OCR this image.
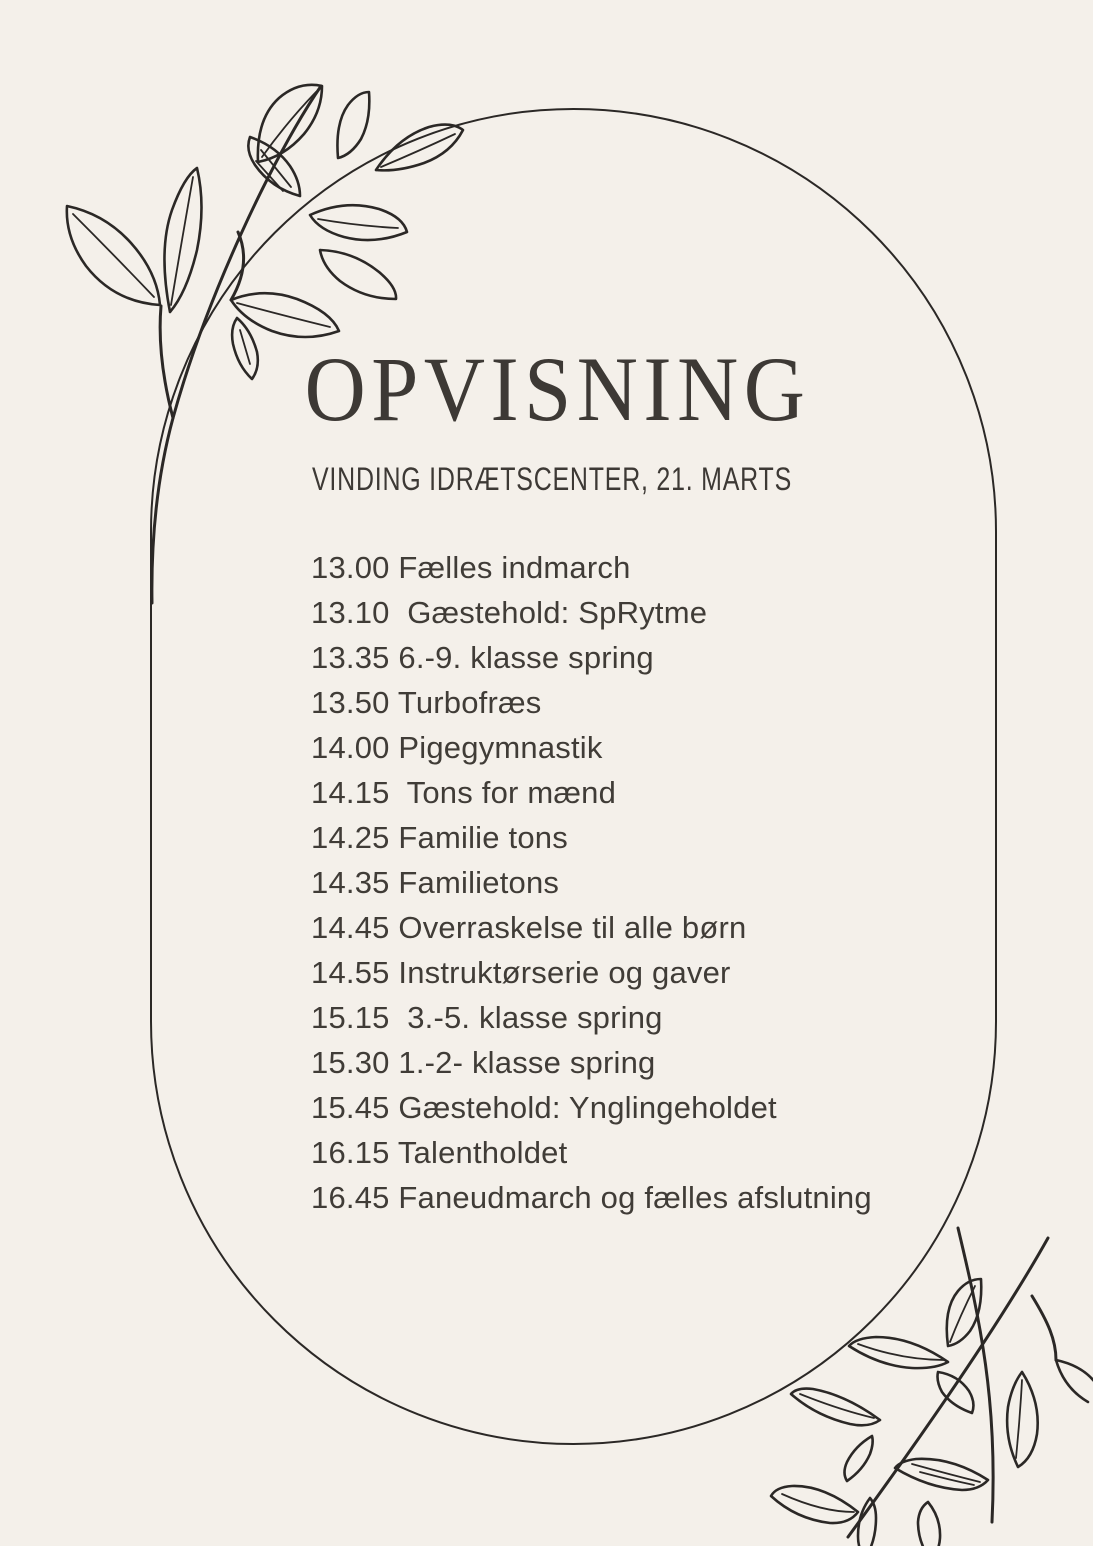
OPVISNING
VINDING IDRÆTSCENTER, 21. MARTS
13.00 Fælles indmarch
13.10 Gæstehold: SpRytme
13.35 6.-9. klasse spring
13.50 Turbofræs
14.00 Pigegymnastik
14.15 Tons for mænd
14.25 Familie tons
14.35 Familietons
14.45 Overraskelse til alle børn
14.55 Instruktørserie og gaver
15.15 3.-5. klasse spring
15.30 1.-2- klasse spring
15.45 Gæstehold: Ynglingeholdet
16.15 Talentholdet
16.45 Faneudmarch og fælles afslutning
